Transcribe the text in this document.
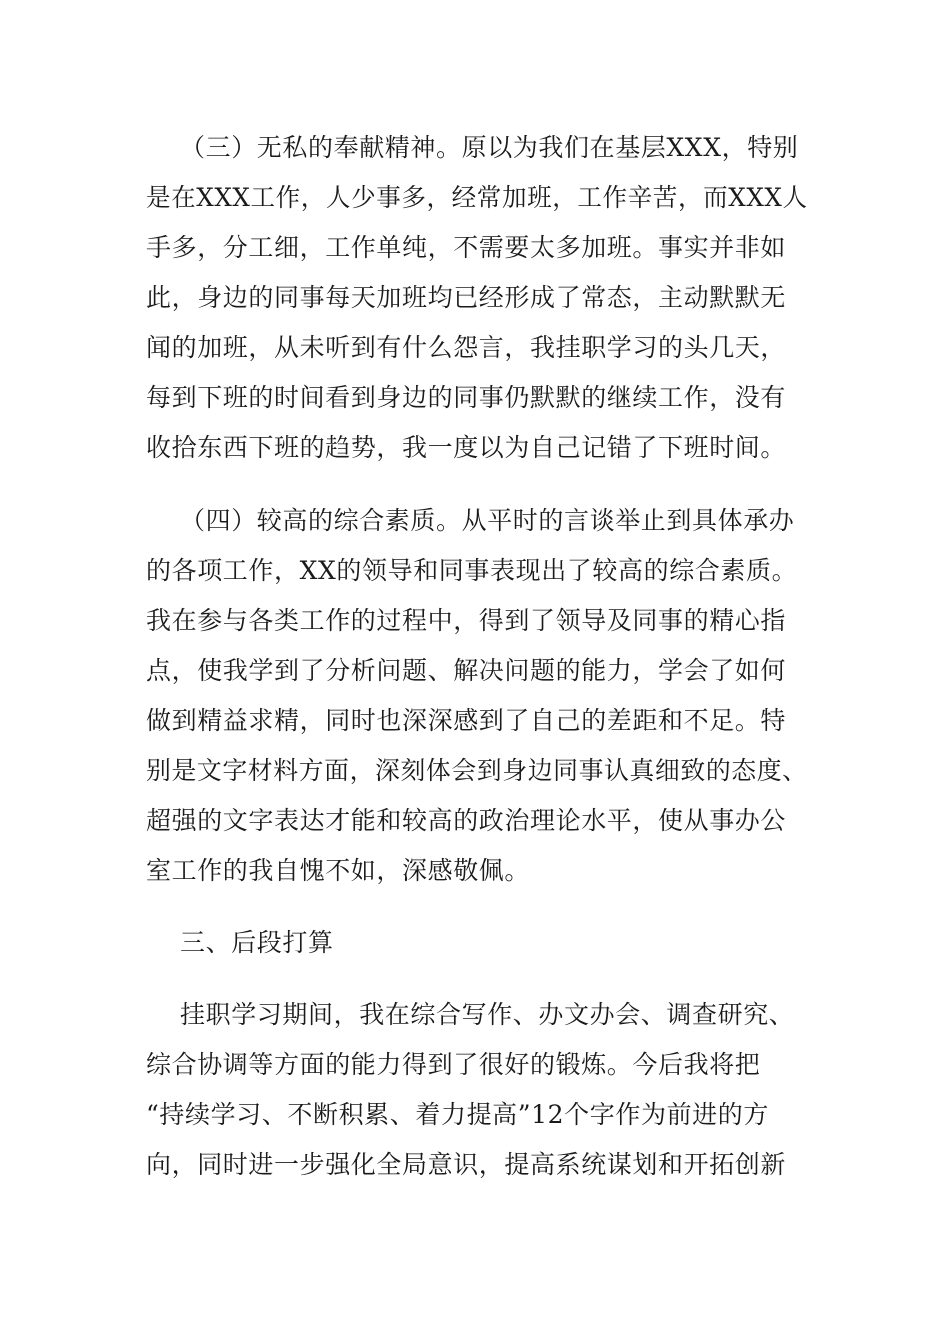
（三）无私的奉献精神。原以为我们在基层XXX，特别
是在XXX工作，人少事多，经常加班，工作辛苦，而XXX人
手多，分工细，工作单纯，不需要太多加班。事实并非如
此，身边的同事每天加班均已经形成了常态，主动默默无
闻的加班，从未听到有什么怨言，我挂职学习的头几天，
每到下班的时间看到身边的同事仍默默的继续工作，没有
收拾东西下班的趋势，我一度以为自己记错了下班时间。
（四）较高的综合素质。从平时的言谈举止到具体承办
的各项工作，XX的领导和同事表现出了较高的综合素质。
我在参与各类工作的过程中，得到了领导及同事的精心指
点，使我学到了分析问题、解决问题的能力，学会了如何
做到精益求精，同时也深深感到了自己的差距和不足。特
别是文字材料方面，深刻体会到身边同事认真细致的态度、
超强的文字表达才能和较高的政治理论水平，使从事办公
室工作的我自愧不如，深感敬佩。
三、后段打算
挂职学习期间，我在综合写作、办文办会、调查研究、
综合协调等方面的能力得到了很好的锻炼。今后我将把
“持续学习、不断积累、着力提高”12个字作为前进的方
向，同时进一步强化全局意识，提高系统谋划和开拓创新
